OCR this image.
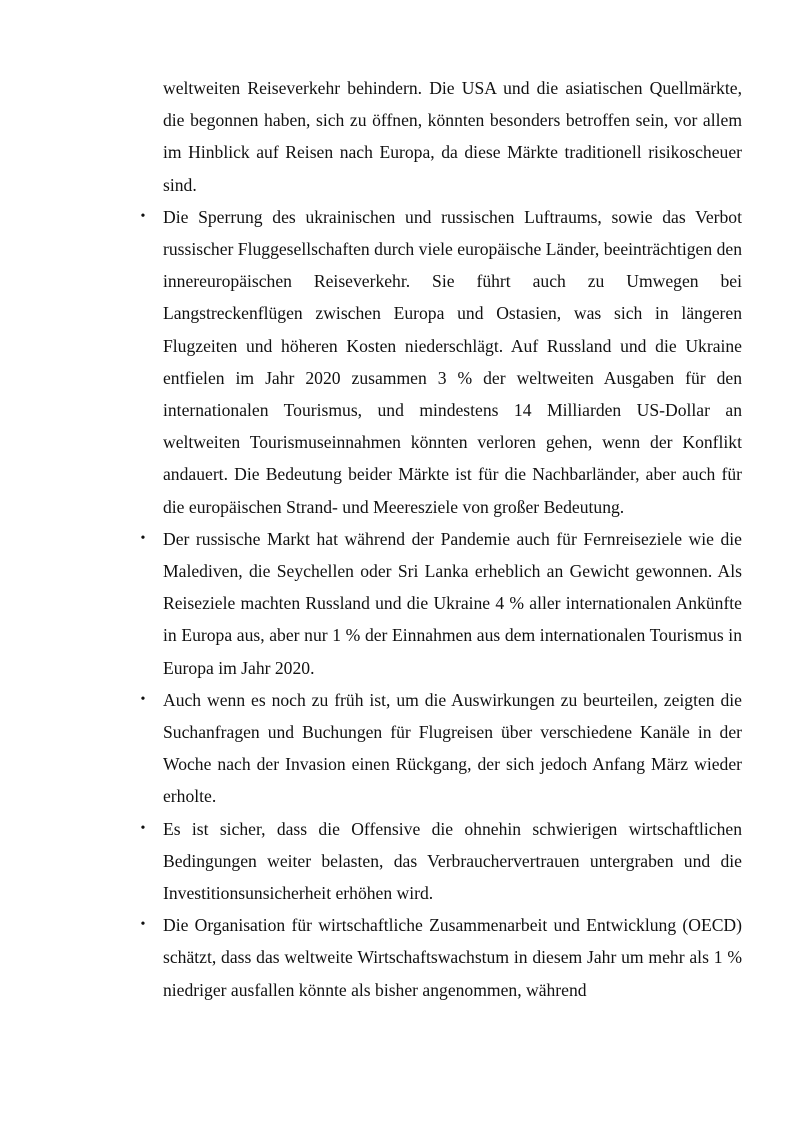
weltweiten Reiseverkehr behindern. Die USA und die asiatischen Quellmärkte, die begonnen haben, sich zu öffnen, könnten besonders betroffen sein, vor allem im Hinblick auf Reisen nach Europa, da diese Märkte traditionell risikoscheuer sind.

• Die Sperrung des ukrainischen und russischen Luftraums, sowie das Verbot russischer Fluggesellschaften durch viele europäische Länder, beeinträchtigen den innereuropäischen Reiseverkehr. Sie führt auch zu Umwegen bei Langstreckenflügen zwischen Europa und Ostasien, was sich in längeren Flugzeiten und höheren Kosten niederschlägt. Auf Russland und die Ukraine entfielen im Jahr 2020 zusammen 3 % der weltweiten Ausgaben für den internationalen Tourismus, und mindestens 14 Milliarden US-Dollar an weltweiten Tourismuseinnahmen könnten verloren gehen, wenn der Konflikt andauert. Die Bedeutung beider Märkte ist für die Nachbarländer, aber auch für die europäischen Strand- und Meeresziele von großer Bedeutung.
• Der russische Markt hat während der Pandemie auch für Fernreiseziele wie die Malediven, die Seychellen oder Sri Lanka erheblich an Gewicht gewonnen. Als Reiseziele machten Russland und die Ukraine 4 % aller internationalen Ankünfte in Europa aus, aber nur 1 % der Einnahmen aus dem internationalen Tourismus in Europa im Jahr 2020.
• Auch wenn es noch zu früh ist, um die Auswirkungen zu beurteilen, zeigten die Suchanfragen und Buchungen für Flugreisen über verschiedene Kanäle in der Woche nach der Invasion einen Rückgang, der sich jedoch Anfang März wieder erholte.
• Es ist sicher, dass die Offensive die ohnehin schwierigen wirtschaftlichen Bedingungen weiter belasten, das Verbrauchervertrauen untergraben und die Investitionsunsicherheit erhöhen wird.
• Die Organisation für wirtschaftliche Zusammenarbeit und Entwicklung (OECD) schätzt, dass das weltweite Wirtschaftswachstum in diesem Jahr um mehr als 1 % niedriger ausfallen könnte als bisher angenommen, während
